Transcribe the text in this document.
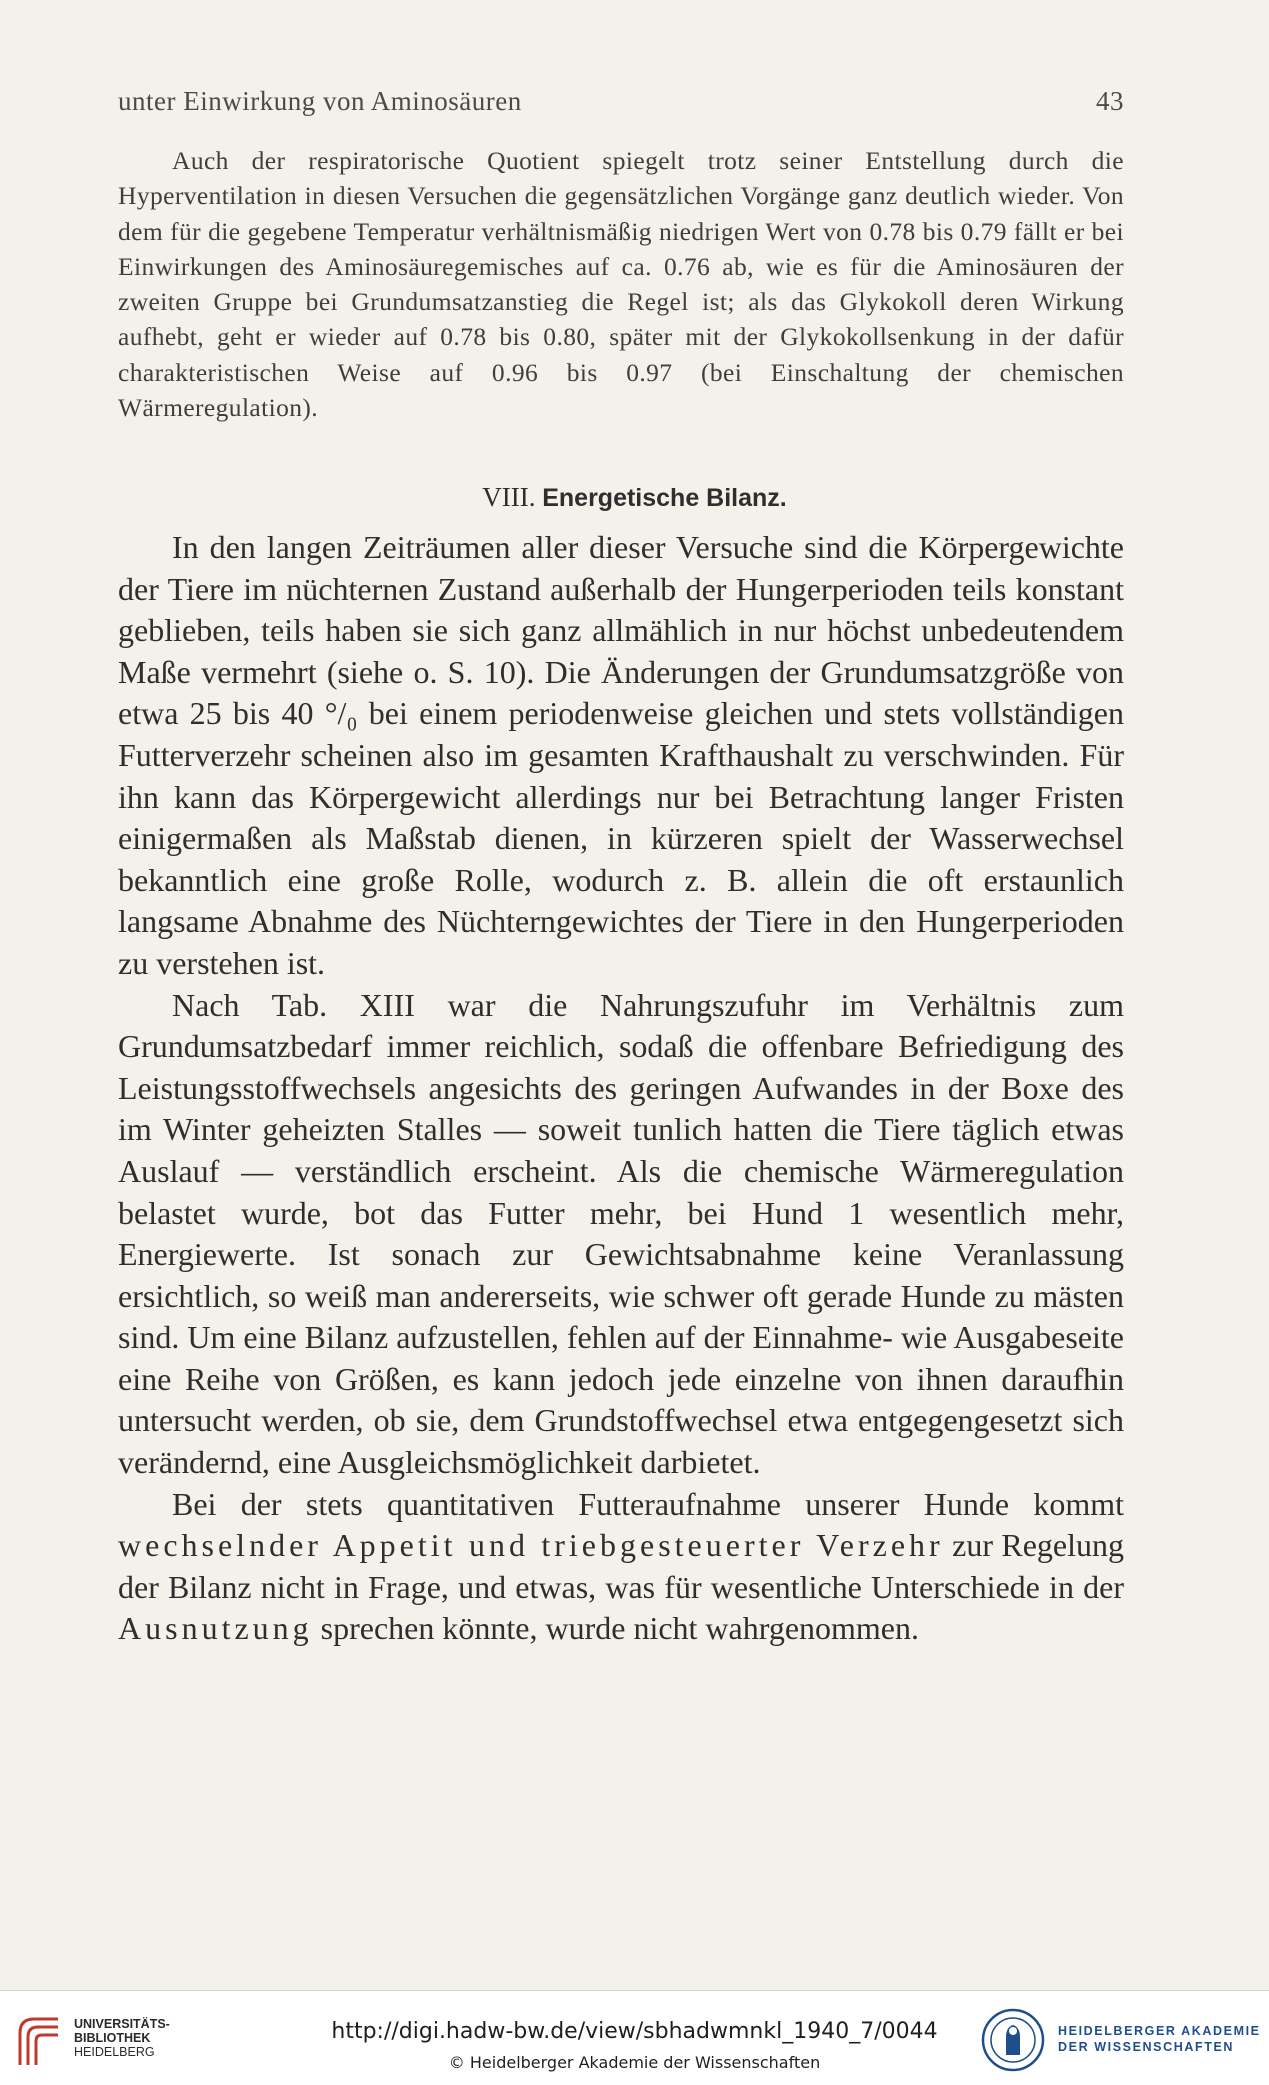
unter Einwirkung von Aminosäuren	43

Auch der respiratorische Quotient spiegelt trotz seiner Entstellung durch die Hyperventilation in diesen Versuchen die gegensätzlichen Vorgänge ganz deutlich wieder. Von dem für die gegebene Temperatur verhältnismäßig niedrigen Wert von 0.78 bis 0.79 fällt er bei Einwirkungen des Aminosäuregemisches auf ca. 0.76 ab, wie es für die Aminosäuren der zweiten Gruppe bei Grundumsatzanstieg die Regel ist; als das Glykokoll deren Wirkung aufhebt, geht er wieder auf 0.78 bis 0.80, später mit der Glykokollsenkung in der dafür charakteristischen Weise auf 0.96 bis 0.97 (bei Einschaltung der chemischen Wärmeregulation).

VIII. Energetische Bilanz.

In den langen Zeiträumen aller dieser Versuche sind die Körpergewichte der Tiere im nüchternen Zustand außerhalb der Hungerperioden teils konstant geblieben, teils haben sie sich ganz allmählich in nur höchst unbedeutendem Maße vermehrt (siehe o. S. 10). Die Änderungen der Grundumsatzgröße von etwa 25 bis 40 °/₀ bei einem periodenweise gleichen und stets vollständigen Futterverzehr scheinen also im gesamten Krafthaushalt zu verschwinden. Für ihn kann das Körpergewicht allerdings nur bei Betrachtung langer Fristen einigermaßen als Maßstab dienen, in kürzeren spielt der Wasserwechsel bekanntlich eine große Rolle, wodurch z. B. allein die oft erstaunlich langsame Abnahme des Nüchterngewichtes der Tiere in den Hungerperioden zu verstehen ist.

Nach Tab. XIII war die Nahrungszufuhr im Verhältnis zum Grundumsatzbedarf immer reichlich, sodaß die offenbare Befriedigung des Leistungsstoffwechsels angesichts des geringen Aufwandes in der Boxe des im Winter geheizten Stalles — soweit tunlich hatten die Tiere täglich etwas Auslauf — verständlich erscheint. Als die chemische Wärmeregulation belastet wurde, bot das Futter mehr, bei Hund 1 wesentlich mehr, Energiewerte. Ist sonach zur Gewichtsabnahme keine Veranlassung ersichtlich, so weiß man andererseits, wie schwer oft gerade Hunde zu mästen sind. Um eine Bilanz aufzustellen, fehlen auf der Einnahme- wie Ausgabeseite eine Reihe von Größen, es kann jedoch jede einzelne von ihnen daraufhin untersucht werden, ob sie, dem Grundstoffwechsel etwa entgegengesetzt sich verändernd, eine Ausgleichsmöglichkeit darbietet.

Bei der stets quantitativen Futteraufnahme unserer Hunde kommt wechselnder Appetit und triebgesteuerter Verzehr zur Regelung der Bilanz nicht in Frage, und etwas, was für wesentliche Unterschiede in der Ausnutzung sprechen könnte, wurde nicht wahrgenommen.

UNIVERSITÄTS-
BIBLIOTHEK
HEIDELBERG
http://digi.hadw-bw.de/view/sbhadwmnkl_1940_7/0044
© Heidelberger Akademie der Wissenschaften
HEIDELBERGER AKADEMIE
DER WISSENSCHAFTEN
